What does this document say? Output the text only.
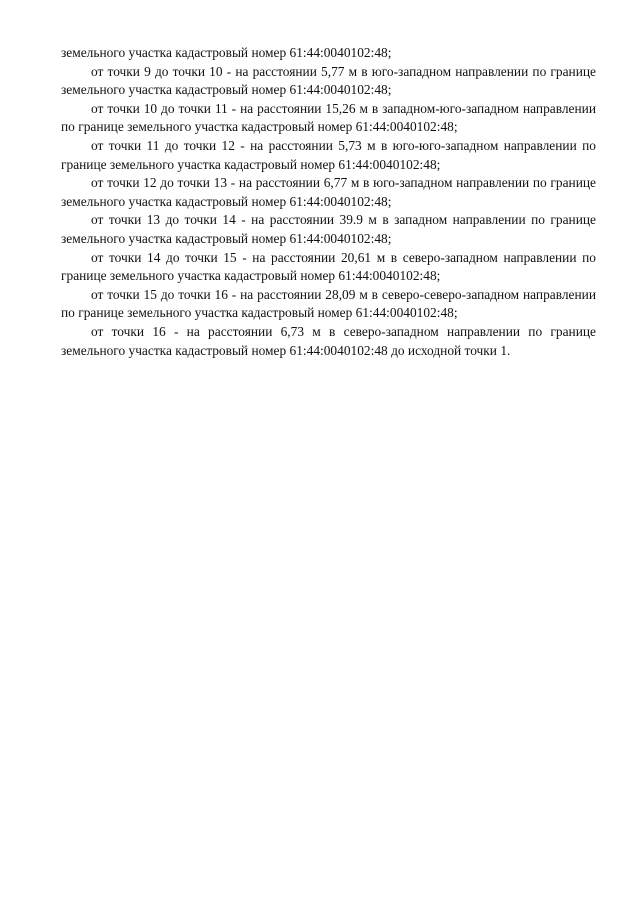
земельного участка кадастровый номер 61:44:0040102:48;

от точки 9 до точки 10 - на расстоянии 5,77 м в юго-западном направлении по границе земельного участка кадастровый номер 61:44:0040102:48;

от точки 10 до точки 11 - на расстоянии 15,26 м в западном-юго-западном направлении по границе земельного участка кадастровый номер 61:44:0040102:48;

от точки 11 до точки 12 - на расстоянии 5,73 м в юго-юго-западном направлении по границе земельного участка кадастровый номер 61:44:0040102:48;

от точки 12 до точки 13 - на расстоянии 6,77 м в юго-западном направлении по границе земельного участка кадастровый номер 61:44:0040102:48;

от точки 13 до точки 14 - на расстоянии 39.9 м в западном направлении по границе земельного участка кадастровый номер 61:44:0040102:48;

от точки 14 до точки 15 - на расстоянии 20,61 м в северо-западном направлении по границе земельного участка кадастровый номер 61:44:0040102:48;

от точки 15 до точки 16 - на расстоянии 28,09 м в северо-северо-западном направлении по границе земельного участка кадастровый номер 61:44:0040102:48;

от точки 16 - на расстоянии 6,73 м в северо-западном направлении по границе земельного участка кадастровый номер 61:44:0040102:48 до исходной точки 1.
